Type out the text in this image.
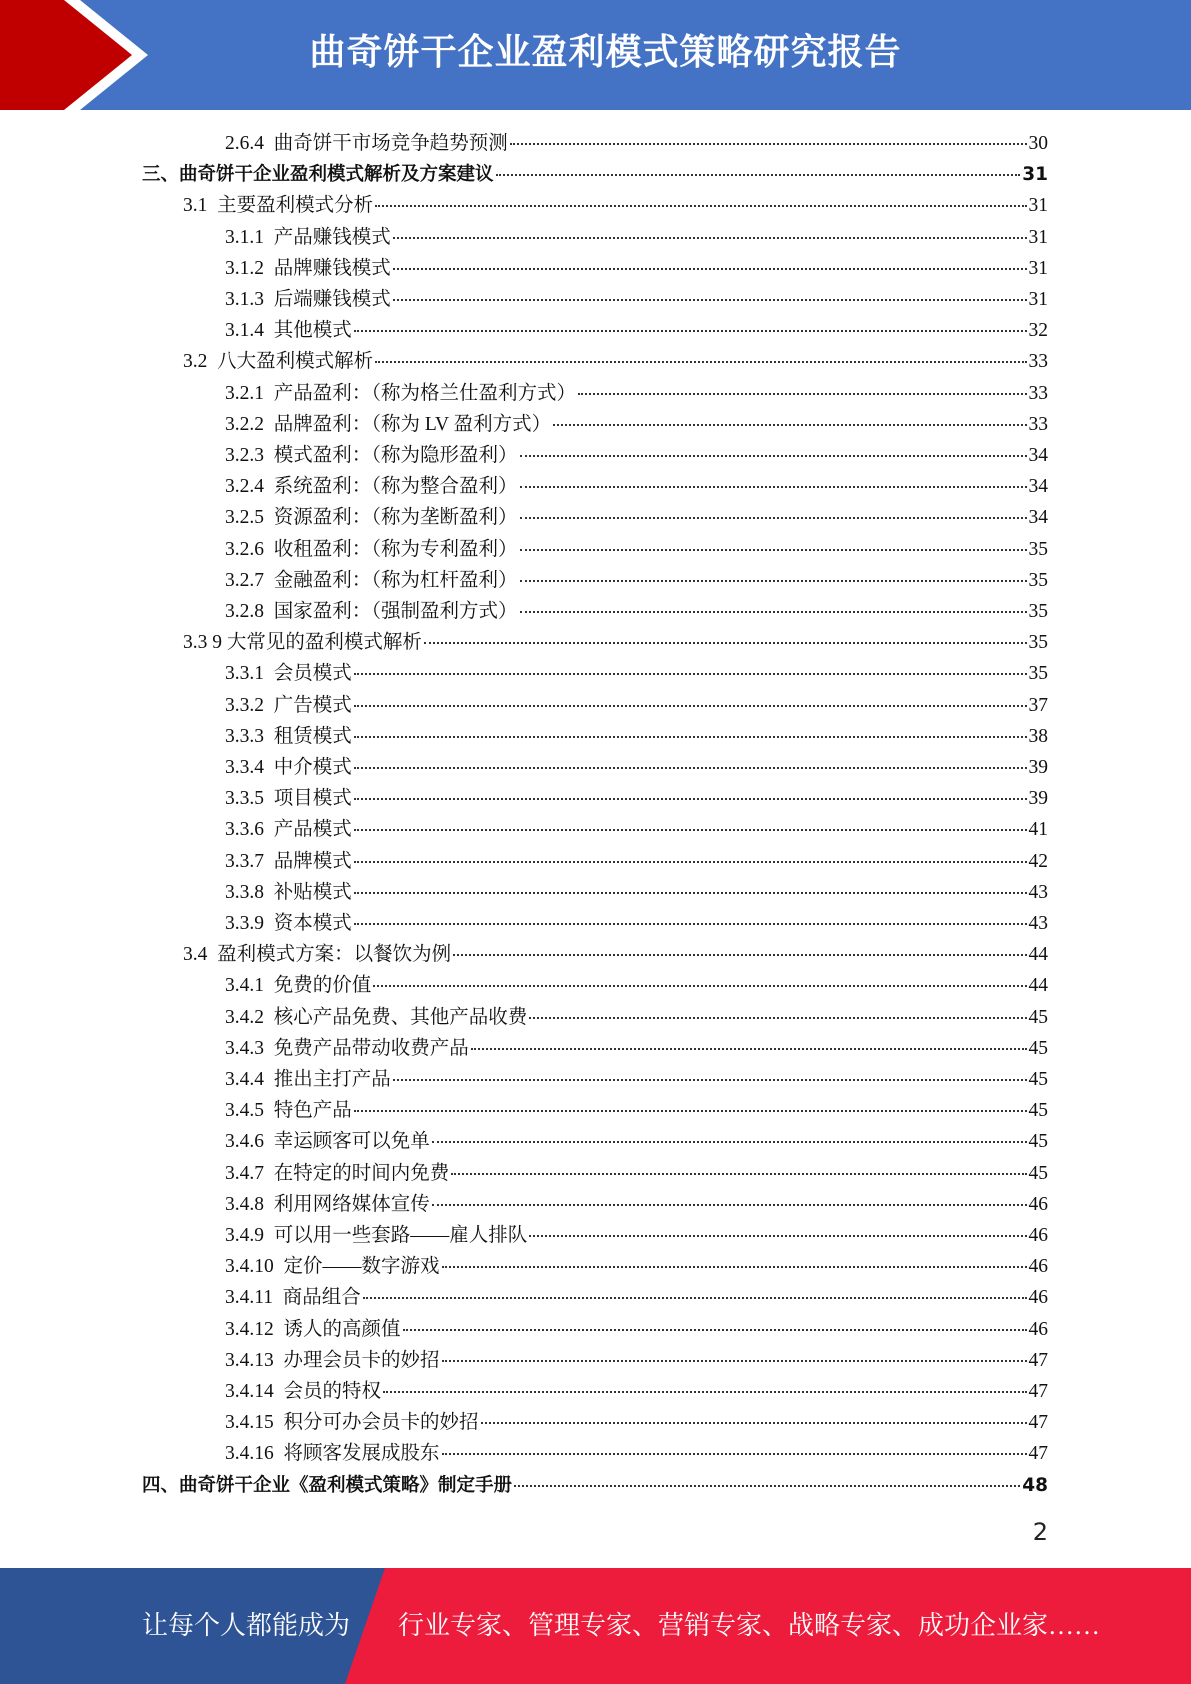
曲奇饼干企业盈利模式策略研究报告
2.6.4  曲奇饼干市场竞争趋势预测	30
三、曲奇饼干企业盈利模式解析及方案建议	31
3.1  主要盈利模式分析	31
3.1.1  产品赚钱模式	31
3.1.2  品牌赚钱模式	31
3.1.3  后端赚钱模式	31
3.1.4  其他模式	32
3.2  八大盈利模式解析	33
3.2.1  产品盈利：（称为格兰仕盈利方式）	33
3.2.2  品牌盈利：（称为 LV 盈利方式）	33
3.2.3  模式盈利：（称为隐形盈利）	34
3.2.4  系统盈利：（称为整合盈利）	34
3.2.5  资源盈利：（称为垄断盈利）	34
3.2.6  收租盈利：（称为专利盈利）	35
3.2.7  金融盈利：（称为杠杆盈利）	35
3.2.8  国家盈利：（强制盈利方式）	35
3.3 9 大常见的盈利模式解析	35
3.3.1  会员模式	35
3.3.2  广告模式	37
3.3.3  租赁模式	38
3.3.4  中介模式	39
3.3.5  项目模式	39
3.3.6  产品模式	41
3.3.7  品牌模式	42
3.3.8  补贴模式	43
3.3.9  资本模式	43
3.4  盈利模式方案：以餐饮为例	44
3.4.1  免费的价值	44
3.4.2  核心产品免费、其他产品收费	45
3.4.3  免费产品带动收费产品	45
3.4.4  推出主打产品	45
3.4.5  特色产品	45
3.4.6  幸运顾客可以免单	45
3.4.7  在特定的时间内免费	45
3.4.8  利用网络媒体宣传	46
3.4.9  可以用一些套路——雇人排队	46
3.4.10  定价——数字游戏	46
3.4.11  商品组合	46
3.4.12  诱人的高颜值	46
3.4.13  办理会员卡的妙招	47
3.4.14  会员的特权	47
3.4.15  积分可办会员卡的妙招	47
3.4.16  将顾客发展成股东	47
四、曲奇饼干企业《盈利模式策略》制定手册	48
2
让每个人都能成为 行业专家、管理专家、营销专家、战略专家、成功企业家……
